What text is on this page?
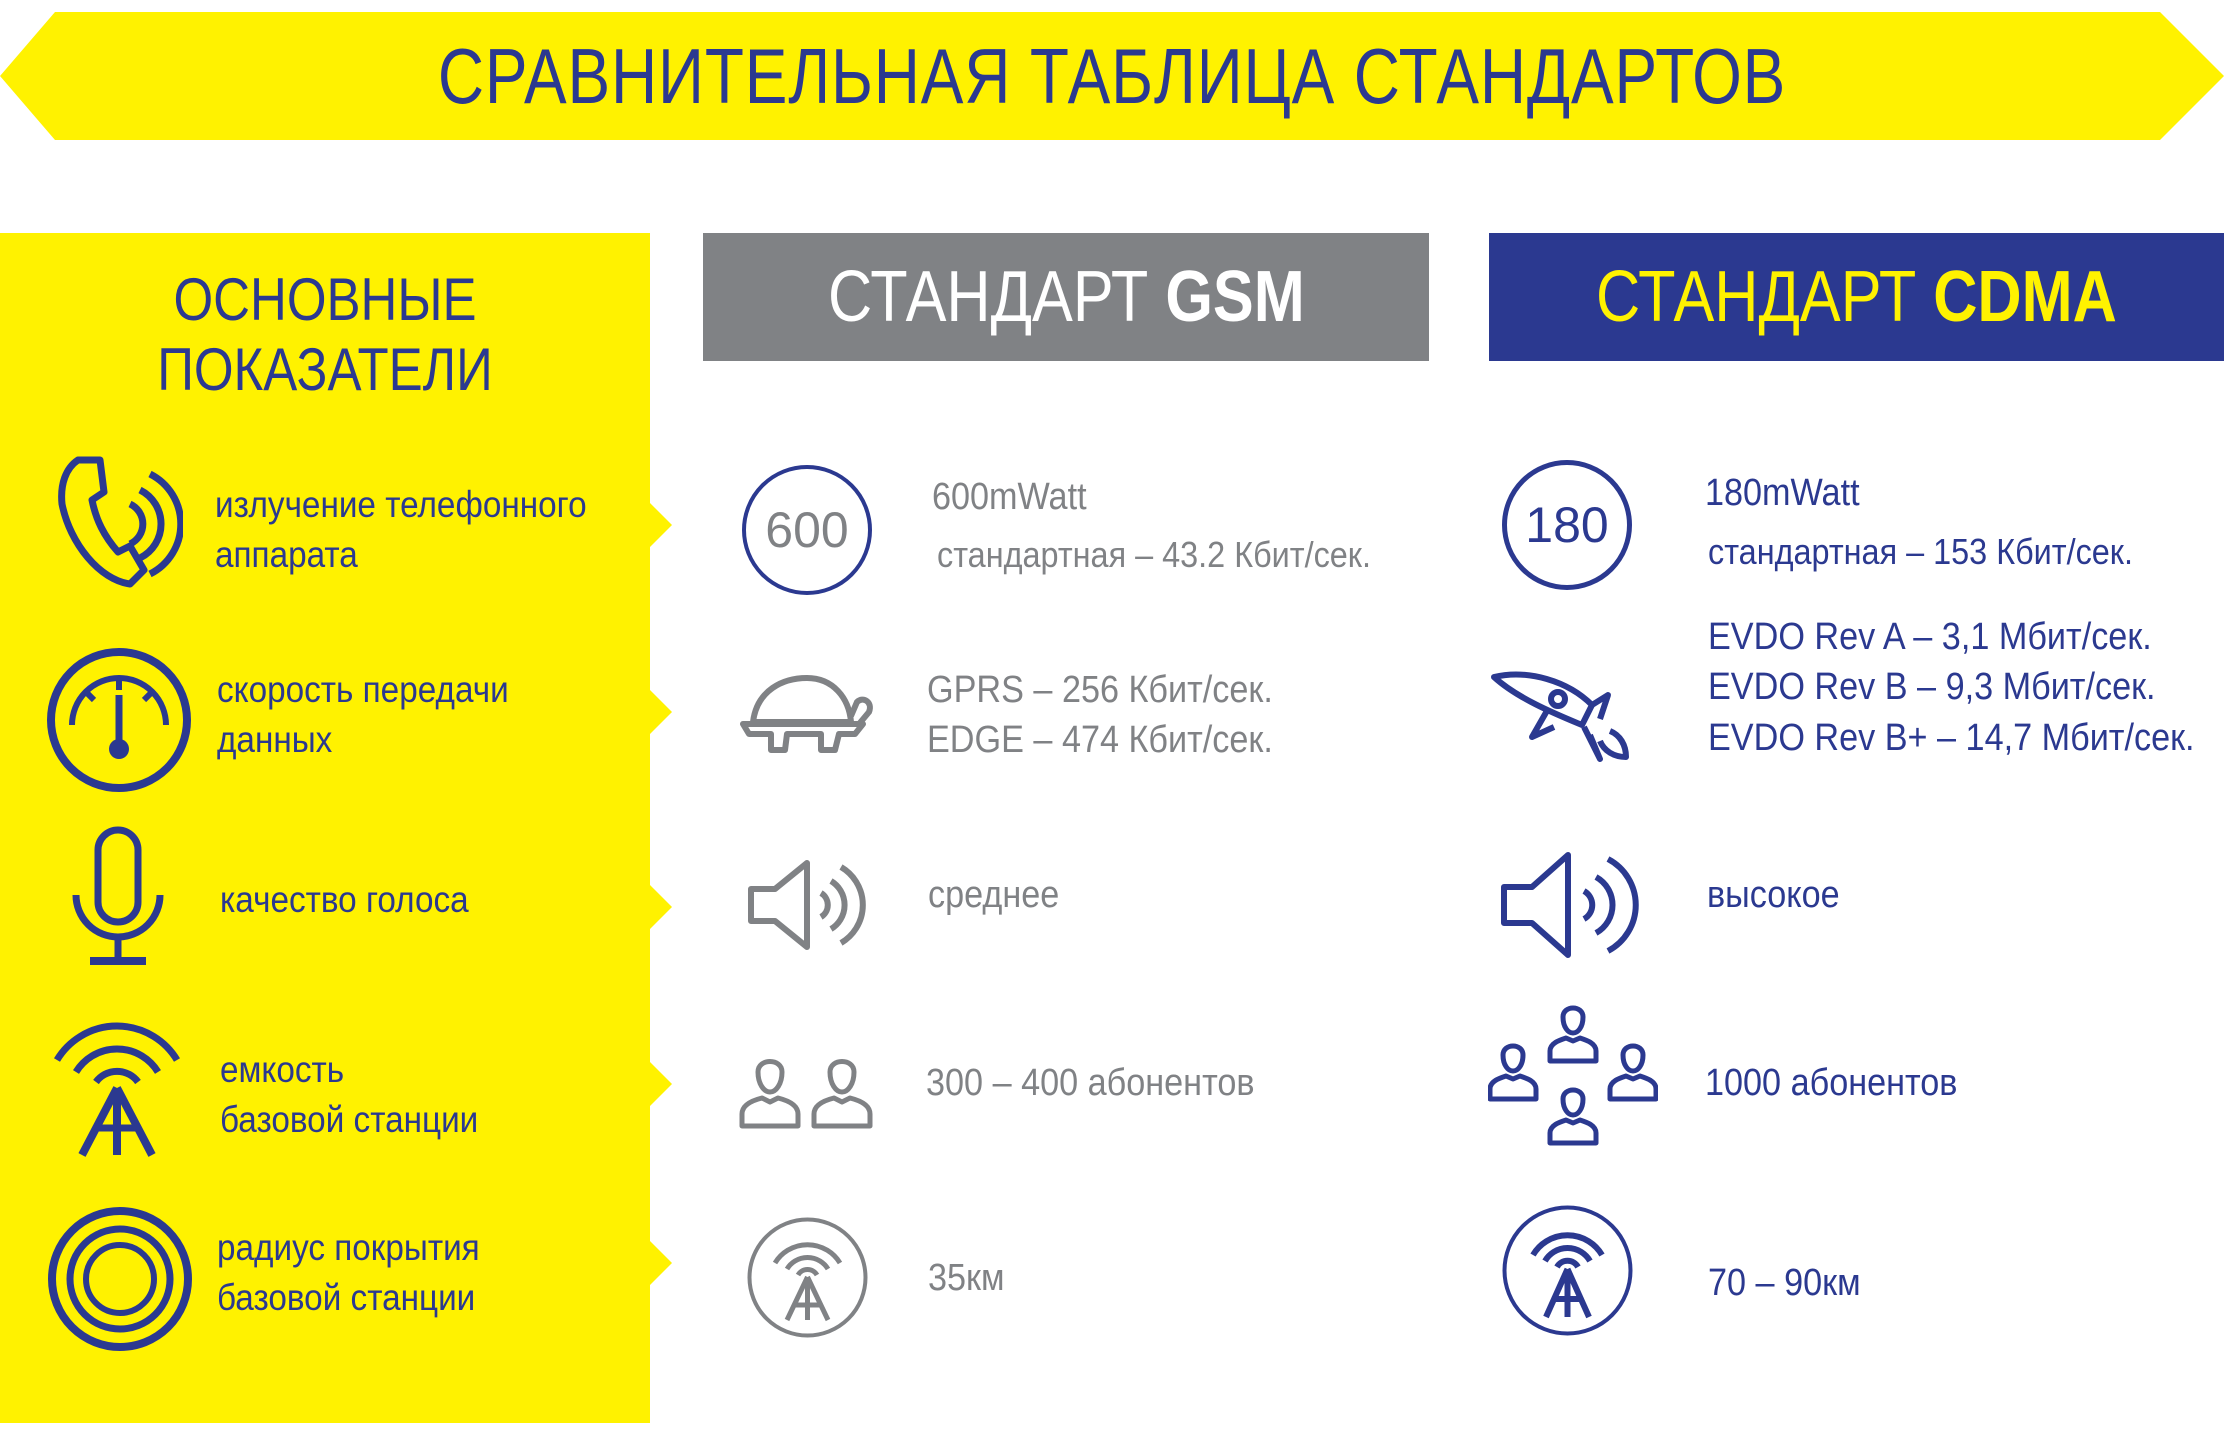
СРАВНИТЕЛЬНАЯ ТАБЛИЦА СТАНДАРТОВ
ОСНОВНЫЕ
ПОКАЗАТЕЛИ
излучение телефонного
аппарата
скорость передачи
данных
качество голоса
емкость
базовой станции
радиус покрытия
базовой станции
СТАНДАРТ GSM	СТАНДАРТ CDMA
600
600mWatt
стандартная – 43.2 Кбит/сек.
GPRS – 256 Кбит/сек.
EDGE – 474 Кбит/сек.
среднее
300 – 400 абонентов
35км
180
180mWatt
стандартная – 153 Кбит/сек.
EVDO Rev A – 3,1 Мбит/сек.
EVDO Rev B – 9,3 Мбит/сек.
EVDO Rev B+ – 14,7 Мбит/сек.
высокое
1000 абонентов
70 – 90км
